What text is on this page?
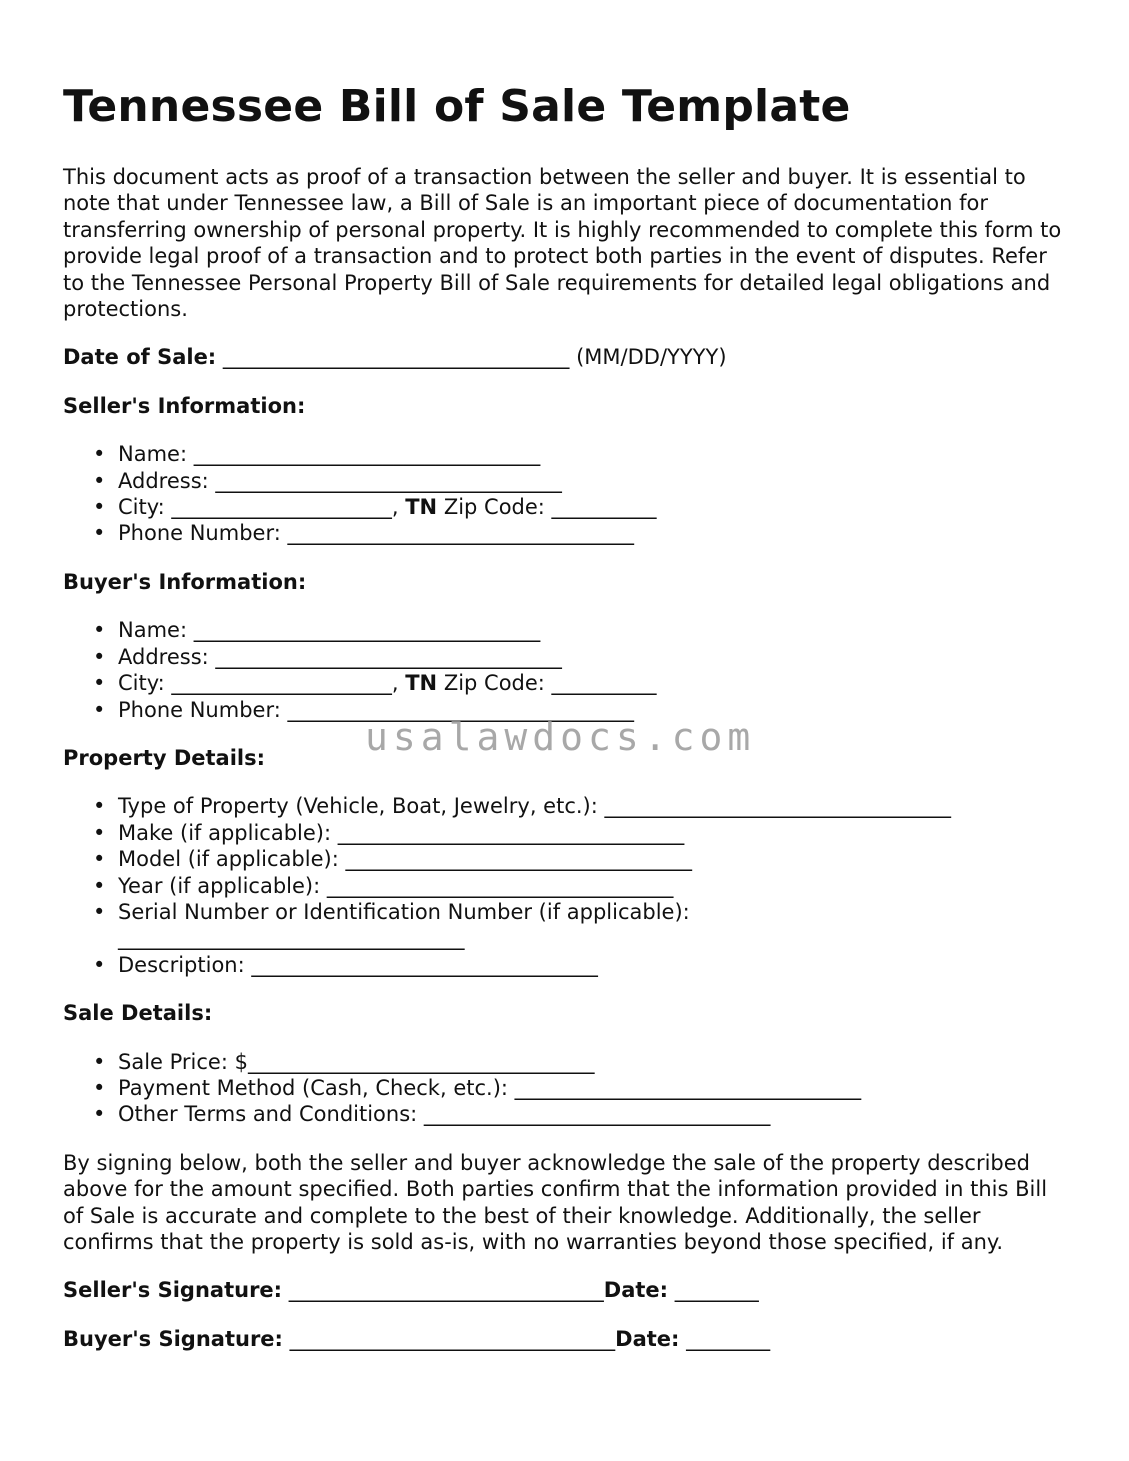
Tennessee Bill of Sale Template

This document acts as proof of a transaction between the seller and buyer. It is essential to note that under Tennessee law, a Bill of Sale is an important piece of documentation for transferring ownership of personal property. It is highly recommended to complete this form to provide legal proof of a transaction and to protect both parties in the event of disputes. Refer to the Tennessee Personal Property Bill of Sale requirements for detailed legal obligations and protections.

Date of Sale: _________________________________ (MM/DD/YYYY)
Seller's Information:
• Name: _________________________________
• Address: _________________________________
• City: _____________________, TN Zip Code: __________
• Phone Number: _________________________________
Buyer's Information:
• Name: _________________________________
• Address: _________________________________
• City: _____________________, TN Zip Code: __________
• Phone Number: _________________________________
Property Details:
• Type of Property (Vehicle, Boat, Jewelry, etc.): _________________________________
• Make (if applicable): _________________________________
• Model (if applicable): _________________________________
• Year (if applicable): _________________________________
• Serial Number or Identification Number (if applicable):
_________________________________
• Description: _________________________________
Sale Details:
• Sale Price: $_________________________________
• Payment Method (Cash, Check, etc.): _________________________________
• Other Terms and Conditions: _________________________________

By signing below, both the seller and buyer acknowledge the sale of the property described above for the amount specified. Both parties confirm that the information provided in this Bill of Sale is accurate and complete to the best of their knowledge. Additionally, the seller confirms that the property is sold as-is, with no warranties beyond those specified, if any.

Seller's Signature: ______________________________Date: ________
Buyer's Signature: _______________________________Date: ________
usalawdocs.com
